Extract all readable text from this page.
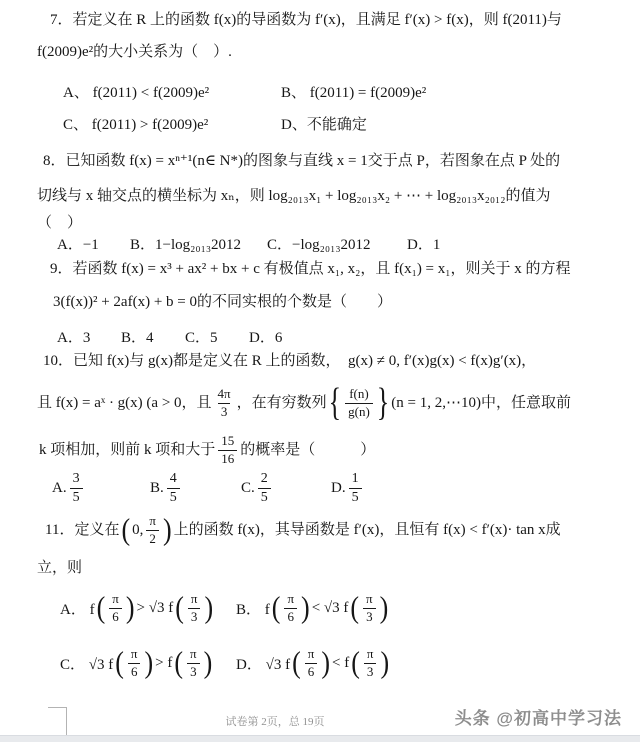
7．若定义在 R 上的函数 f(x)的导函数为 f′(x)，且满足 f′(x) > f(x)，则 f(2011)与

f(2009)e²的大小关系为（　）.

A、 f(2011) < f(2009)e²	B、 f(2011) = f(2009)e²

C、 f(2011) > f(2009)e²	D、不能确定

8．已知函数 f(x) = xⁿ⁺¹(n∈ N*)的图象与直线 x = 1交于点 P，若图象在点 P 处的

切线与 x 轴交点的横坐标为 xₙ，则 log₂₀₁₃x₁ + log₂₀₁₃x₂ + ⋯ + log₂₀₁₃x₂₀₁₂的值为

（　）

A．−1 B．1−log₂₀₁₃2012 C．−log₂₀₁₃2012 D．1

9．若函数 f(x) = x³ + ax² + bx + c 有极值点 x₁, x₂，且 f(x₁) = x₁，则关于 x 的方程

3(f(x))² + 2af(x) + b = 0的不同实根的个数是（　　）

A．3 B．4 C．5 D．6

10．已知 f(x)与 g(x)都是定义在 R 上的函数，　g(x) ≠ 0, f′(x)g(x) < f(x)g′(x)，

且 f(x) = aˣ · g(x) (a > 0，且 $\frac{4\pi}{3}$ ，在有穷数列 { $\frac{f(n)}{g(n)}$ } (n = 1, 2,⋯10)中，任意取前
k 项相加，则前 k 项和大于 $\frac{15}{16}$ 的概率是（　　　）
A. $\frac{3}{5}$	B. $\frac{4}{5}$	C. $\frac{2}{5}$	D. $\frac{1}{5}$
11．定义在 ( 0, $\frac{\pi}{2}$ ) 上的函数 f(x)，其导函数是 f′(x)，且恒有 f(x) < f′(x)· tan x成

立，则

A． f ( $\frac{\pi}{6}$ ) > √3 f ( $\frac{\pi}{3}$ ) B． f ( $\frac{\pi}{6}$ ) < √3 f ( $\frac{\pi}{3}$ )
C． √3 f ( $\frac{\pi}{6}$ ) > f ( $\frac{\pi}{3}$ ) D． √3 f ( $\frac{\pi}{6}$ ) < f ( $\frac{\pi}{3}$ )
试卷第 2页，总 19页	头条 @初高中学习法
